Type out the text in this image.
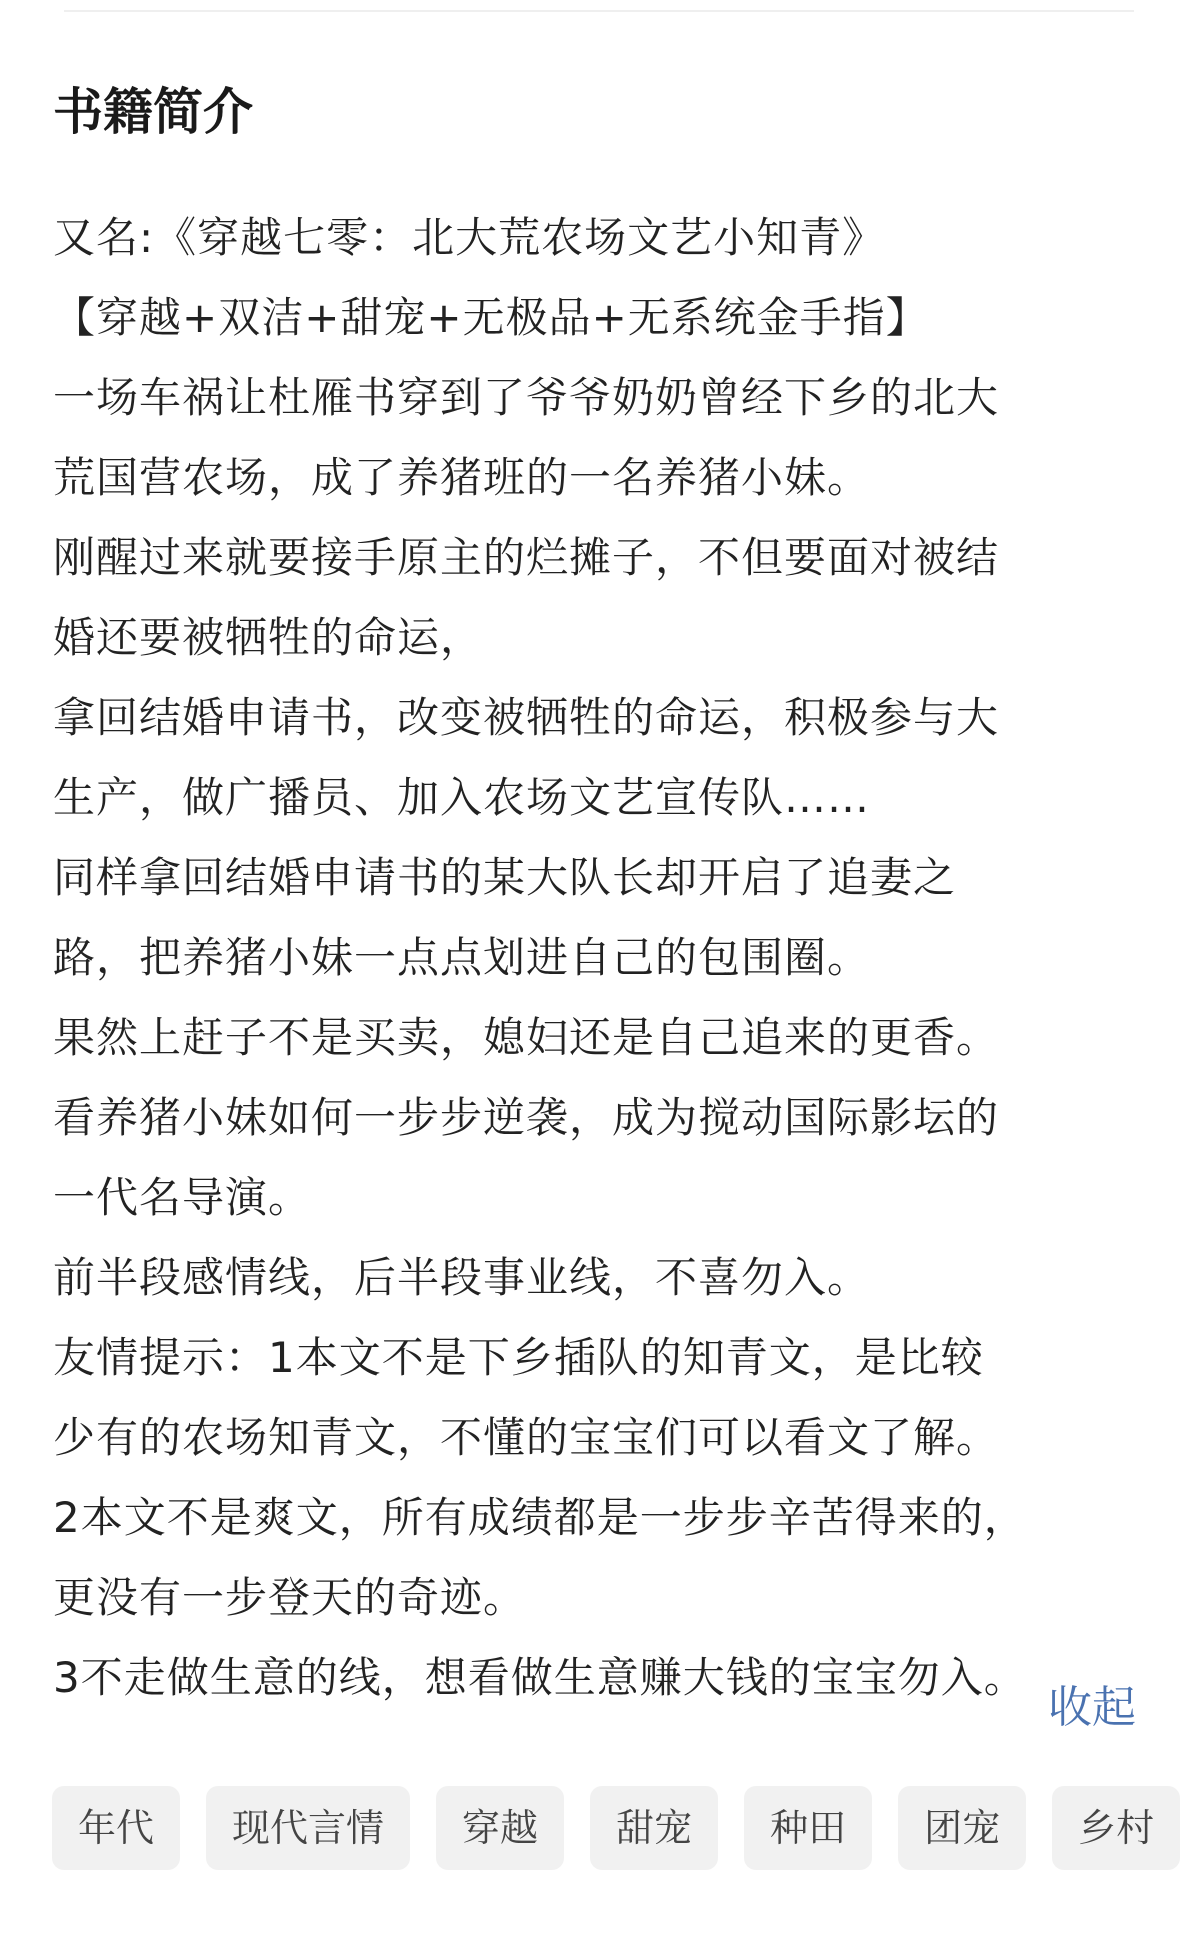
书籍简介
又名:《穿越七零：北大荒农场文艺小知青》
【穿越+双洁+甜宠+无极品+无系统金手指】
一场车祸让杜雁书穿到了爷爷奶奶曾经下乡的北大
荒国营农场，成了养猪班的一名养猪小妹。
刚醒过来就要接手原主的烂摊子，不但要面对被结
婚还要被牺牲的命运，
拿回结婚申请书，改变被牺牲的命运，积极参与大
生产，做广播员、加入农场文艺宣传队……
同样拿回结婚申请书的某大队长却开启了追妻之
路，把养猪小妹一点点划进自己的包围圈。
果然上赶子不是买卖，媳妇还是自己追来的更香。
看养猪小妹如何一步步逆袭，成为搅动国际影坛的
一代名导演。
前半段感情线，后半段事业线，不喜勿入。
友情提示：1本文不是下乡插队的知青文，是比较
少有的农场知青文，不懂的宝宝们可以看文了解。
2本文不是爽文，所有成绩都是一步步辛苦得来的，
更没有一步登天的奇迹。
3不走做生意的线，想看做生意赚大钱的宝宝勿入。
收起
年代 现代言情 穿越 甜宠 种田 团宠 乡村
